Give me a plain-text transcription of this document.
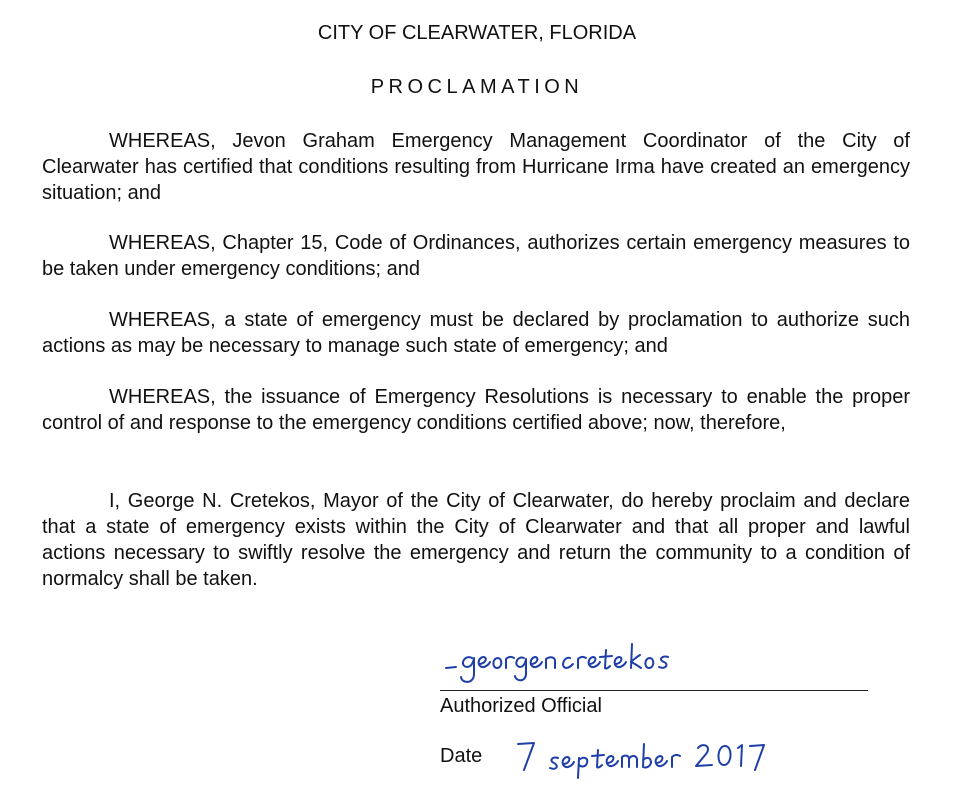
CITY OF CLEARWATER, FLORIDA
PROCLAMATION

WHEREAS, Jevon Graham Emergency Management Coordinator of the City of Clearwater has certified that conditions resulting from Hurricane Irma have created an emergency situation; and

WHEREAS, Chapter 15, Code of Ordinances, authorizes certain emergency measures to be taken under emergency conditions; and

WHEREAS, a state of emergency must be declared by proclamation to authorize such actions as may be necessary to manage such state of emergency; and

WHEREAS, the issuance of Emergency Resolutions is necessary to enable the proper control of and response to the emergency conditions certified above; now, therefore,

I, George N. Cretekos, Mayor of the City of Clearwater, do hereby proclaim and declare that a state of emergency exists within the City of Clearwater and that all proper and lawful actions necessary to swiftly resolve the emergency and return the community to a condition of normalcy shall be taken.

Authorized Official
Date
